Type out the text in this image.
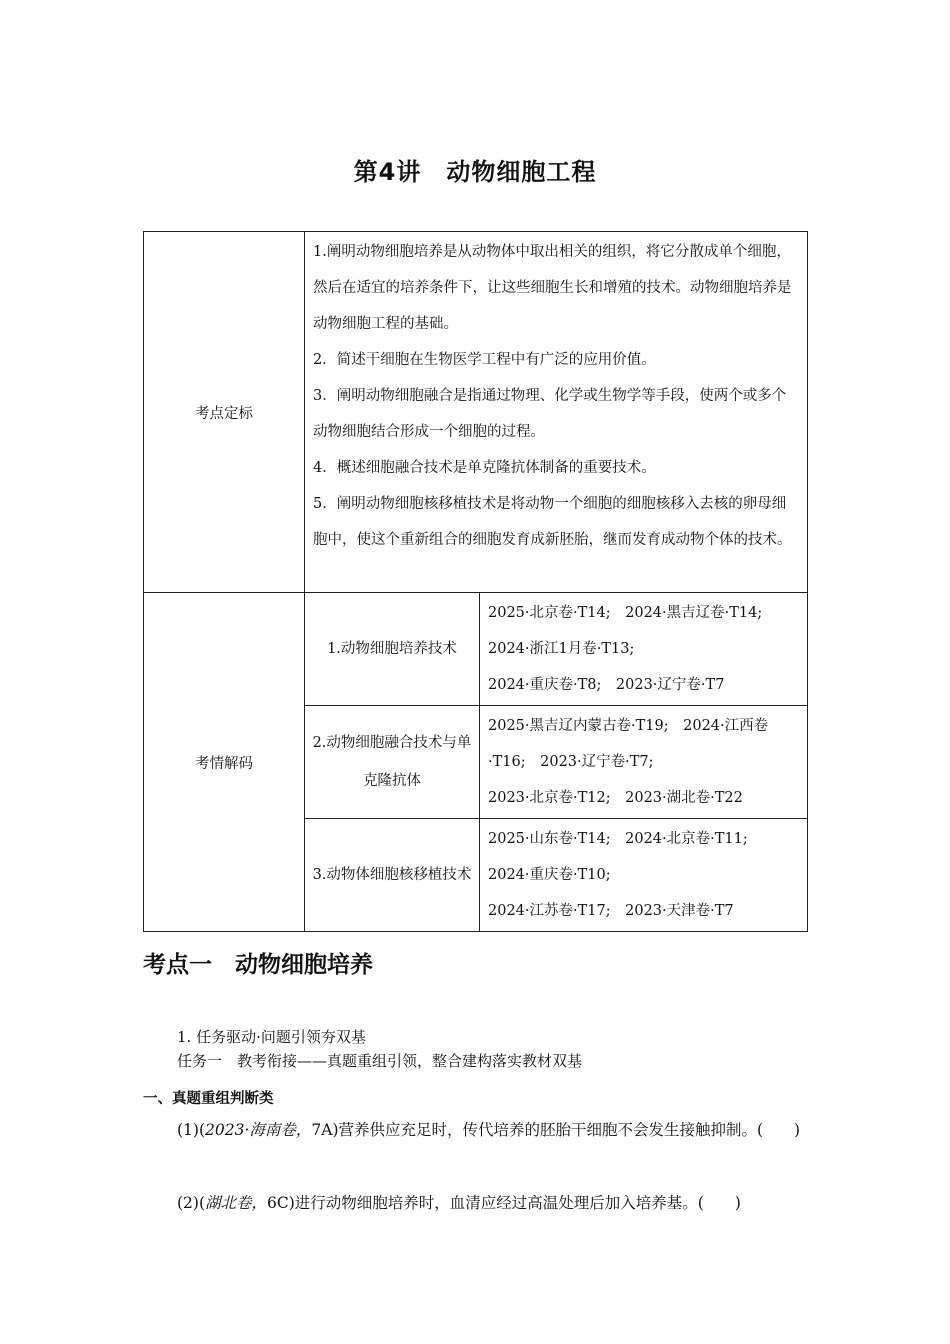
第4讲　动物细胞工程
考点定标	1.阐明动物细胞培养是从动物体中取出相关的组织，将它分散成单个细胞，然后在适宜的培养条件下，让这些细胞生长和增殖的技术。动物细胞培养是动物细胞工程的基础。

2．简述干细胞在生物医学工程中有广泛的应用价值。

3．阐明动物细胞融合是指通过物理、化学或生物学等手段，使两个或多个动物细胞结合形成一个细胞的过程。

4．概述细胞融合技术是单克隆抗体制备的重要技术。

5．阐明动物细胞核移植技术是将动物一个细胞的细胞核移入去核的卵母细胞中，使这个重新组合的细胞发育成新胚胎，继而发育成动物个体的技术。	

考情解码	1.动物细胞培养技术	2025·北京卷·T14;　2024·黑吉辽卷·T14;

2024·浙江1月卷·T13;

2024·重庆卷·T8;　2023·辽宁卷·T7

	2.动物细胞融合技术与单克隆抗体	2025·黑吉辽内蒙古卷·T19;　2024·江西卷·T16;　2023·辽宁卷·T7;

2023·北京卷·T12;　2023·湖北卷·T22

	3.动物体细胞核移植技术	2025·山东卷·T14;　2024·北京卷·T11;

2024·重庆卷·T10;

2024·江苏卷·T17;　2023·天津卷·T7

考点一　动物细胞培养
1. 任务驱动·问题引领夯双基
任务一　教考衔接——真题重组引领，整合建构落实教材双基
一、真题重组判断类
(1)(2023·海南卷，7A)营养供应充足时，传代培养的胚胎干细胞不会发生接触抑制。(　　)
(2)(湖北卷，6C)进行动物细胞培养时，血清应经过高温处理后加入培养基。(　　)
